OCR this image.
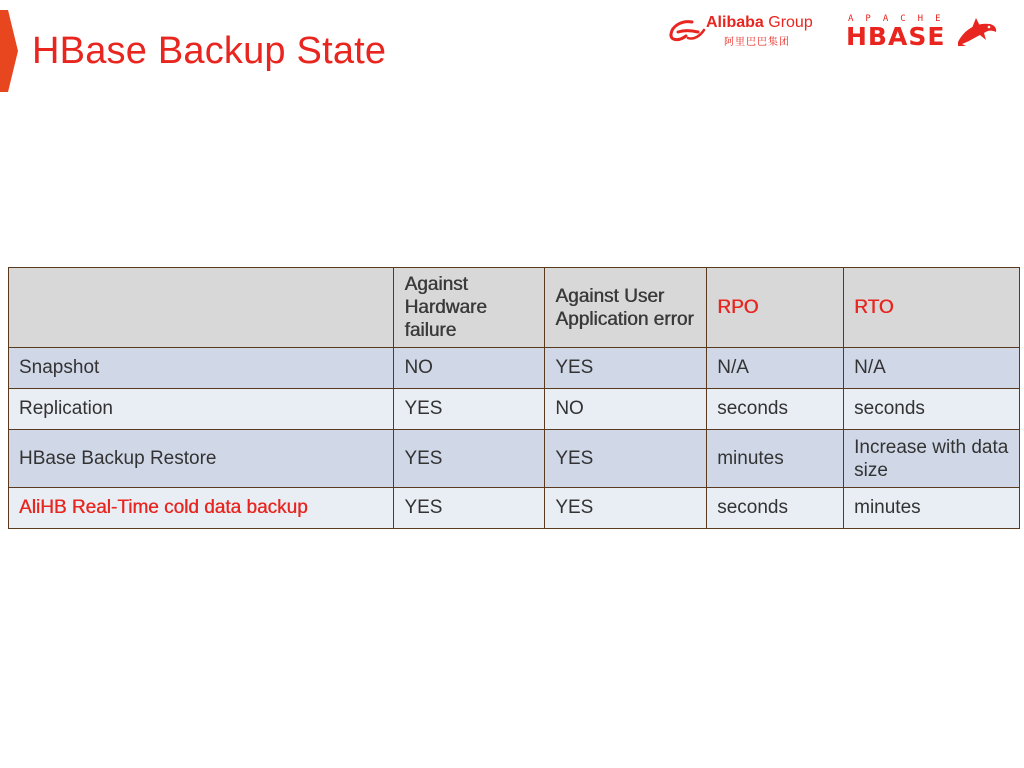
HBase Backup State
Alibaba Group
阿里巴巴集团
APACHE
HBASE
	Against Hardware failure	Against User Application error	RPO	RTO
Snapshot	NO	YES	N/A	N/A
Replication	YES	NO	seconds	seconds
HBase Backup Restore	YES	YES	minutes	Increase with data size
AliHB Real-Time cold data backup	YES	YES	seconds	minutes
